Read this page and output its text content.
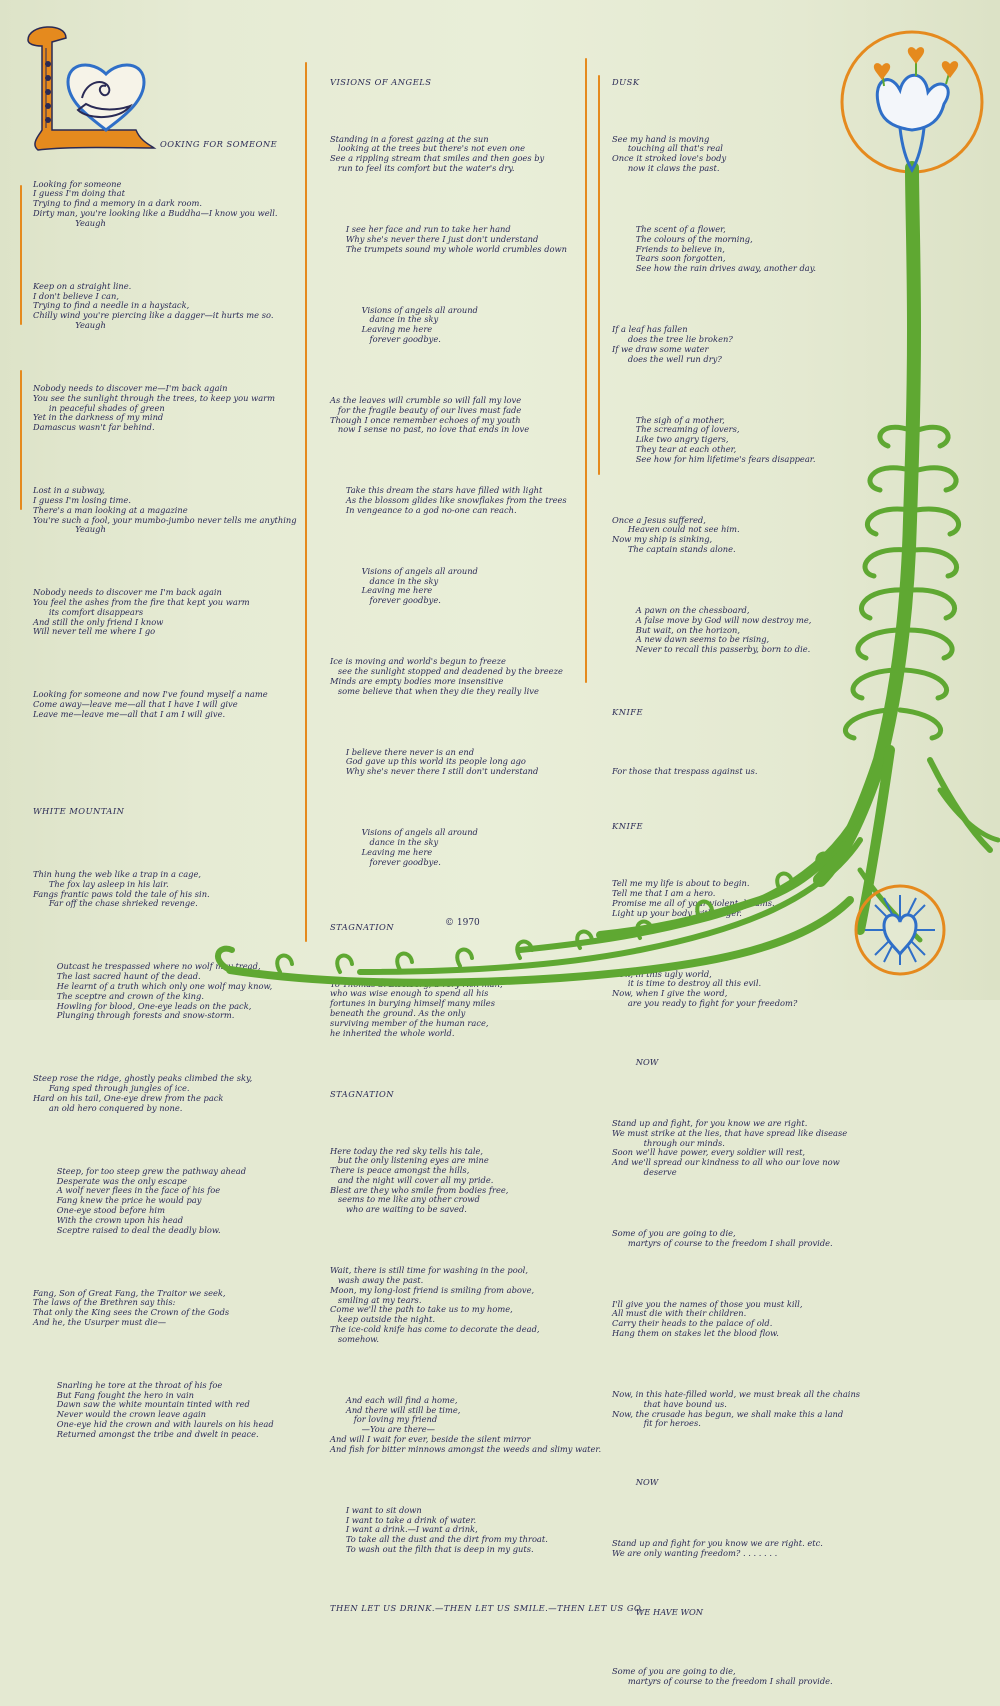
OOKING FOR SOMEONE

Looking for someone
I guess I'm doing that
Trying to find a memory in a dark room.
Dirty man, you're looking like a Buddha—I know you well.
Yeaugh

Keep on a straight line.
I don't believe I can,
Trying to find a needle in a haystack,
Chilly wind you're piercing like a dagger—it hurts me so.
Yeaugh

Nobody needs to discover me—I'm back again
You see the sunlight through the trees, to keep you warm
in peaceful shades of green
Yet in the darkness of my mind
Damascus wasn't far behind.

Lost in a subway,
I guess I'm losing time.
There's a man looking at a magazine
You're such a fool, your mumbo-jumbo never tells me anything
Yeaugh

Nobody needs to discover me I'm back again
You feel the ashes from the fire that kept you warm
its comfort disappears
And still the only friend I know
Will never tell me where I go

Looking for someone and now I've found myself a name
Come away—leave me—all that I have I will give
Leave me—leave me—all that I am I will give.

WHITE MOUNTAIN

Thin hung the web like a trap in a cage,
The fox lay asleep in his lair.
Fangs frantic paws told the tale of his sin.
Far off the chase shrieked revenge.

Outcast he trespassed where no wolf may tread,
The last sacred haunt of the dead.
He learnt of a truth which only one wolf may know,
The sceptre and crown of the king.
Howling for blood, One-eye leads on the pack,
Plunging through forests and snow-storm.

Steep rose the ridge, ghostly peaks climbed the sky,
Fang sped through jungles of ice.
Hard on his tail, One-eye drew from the pack
an old hero conquered by none.

Steep, for too steep grew the pathway ahead
Desperate was the only escape
A wolf never flees in the face of his foe
Fang knew the price he would pay
One-eye stood before him
With the crown upon his head
Sceptre raised to deal the deadly blow.

Fang, Son of Great Fang, the Traitor we seek,
The laws of the Brethren say this:
That only the King sees the Crown of the Gods
And he, the Usurper must die—

Snarling he tore at the throat of his foe
But Fang fought the hero in vain
Dawn saw the white mountain tinted with red
Never would the crown leave again
One-eye hid the crown and with laurels on his head
Returned amongst the tribe and dwelt in peace.

VISIONS OF ANGELS

Standing in a forest gazing at the sun
looking at the trees but there's not even one
See a rippling stream that smiles and then goes by
run to feel its comfort but the water's dry.

I see her face and run to take her hand
Why she's never there I just don't understand
The trumpets sound my whole world crumbles down

Visions of angels all around
dance in the sky
Leaving me here
forever goodbye.

As the leaves will crumble so will fall my love
for the fragile beauty of our lives must fade
Though I once remember echoes of my youth
now I sense no past, no love that ends in love

Take this dream the stars have filled with light
As the blossom glides like snowflakes from the trees
In vengeance to a god no-one can reach.

Visions of angels all around
dance in the sky
Leaving me here
forever goodbye.

Ice is moving and world's begun to freeze
see the sunlight stopped and deadened by the breeze
Minds are empty bodies more insensitive
some believe that when they die they really live

I believe there never is an end
God gave up this world its people long ago
Why she's never there I still don't understand

Visions of angels all around
dance in the sky
Leaving me here
forever goodbye.

STAGNATION

To Thomas S. Eiselberg, a very rich man,
who was wise enough to spend all his
fortunes in burying himself many miles
beneath the ground. As the only
surviving member of the human race,
he inherited the whole world.

STAGNATION

Here today the red sky tells his tale,
but the only listening eyes are mine
There is peace amongst the hills,
and the night will cover all my pride.
Blest are they who smile from bodies free,
seems to me like any other crowd
who are waiting to be saved.

Wait, there is still time for washing in the pool,
wash away the past.
Moon, my long-lost friend is smiling from above,
smiling at my tears.
Come we'll the path to take us to my home,
keep outside the night.
The ice-cold knife has come to decorate the dead,
somehow.

And each will find a home,
And there will still be time,
for loving my friend
—You are there—
And will I wait for ever, beside the silent mirror
And fish for bitter minnows amongst the weeds and slimy water.

I want to sit down
I want to take a drink of water.
I want a drink.—I want a drink,
To take all the dust and the dirt from my throat.
To wash out the filth that is deep in my guts.

THEN LET US DRINK.—THEN LET US SMILE.—THEN LET US GO.

© 1970

DUSK

See my hand is moving
touching all that's real
Once it stroked love's body
now it claws the past.

The scent of a flower,
The colours of the morning,
Friends to believe in,
Tears soon forgotten,
See how the rain drives away, another day.

If a leaf has fallen
does the tree lie broken?
If we draw some water
does the well run dry?

The sigh of a mother,
The screaming of lovers,
Like two angry tigers,
They tear at each other,
See how for him lifetime's fears disappear.

Once a Jesus suffered,
Heaven could not see him.
Now my ship is sinking,
The captain stands alone.

A pawn on the chessboard,
A false move by God will now destroy me,
But wait, on the horizon,
A new dawn seems to be rising,
Never to recall this passerby, born to die.

KNIFE

For those that trespass against us.

KNIFE

Tell me my life is about to begin.
Tell me that I am a hero.
Promise me all of your violent dreams.
Light up your body with anger.

Now, in this ugly world,
it is time to destroy all this evil.
Now, when I give the word,
are you ready to fight for your freedom?

NOW

Stand up and fight, for you know we are right.
We must strike at the lies, that have spread like disease
through our minds.
Soon we'll have power, every soldier will rest,
And we'll spread our kindness to all who our love now
deserve

Some of you are going to die,
martyrs of course to the freedom I shall provide.

I'll give you the names of those you must kill,
All must die with their children.
Carry their heads to the palace of old.
Hang them on stakes let the blood flow.

Now, in this hate-filled world, we must break all the chains
that have bound us.
Now, the crusade has begun, we shall make this a land
fit for heroes.

NOW

Stand up and fight for you know we are right. etc.
We are only wanting freedom? . . . . . . .

WE HAVE WON

Some of you are going to die,
martyrs of course to the freedom I shall provide.
